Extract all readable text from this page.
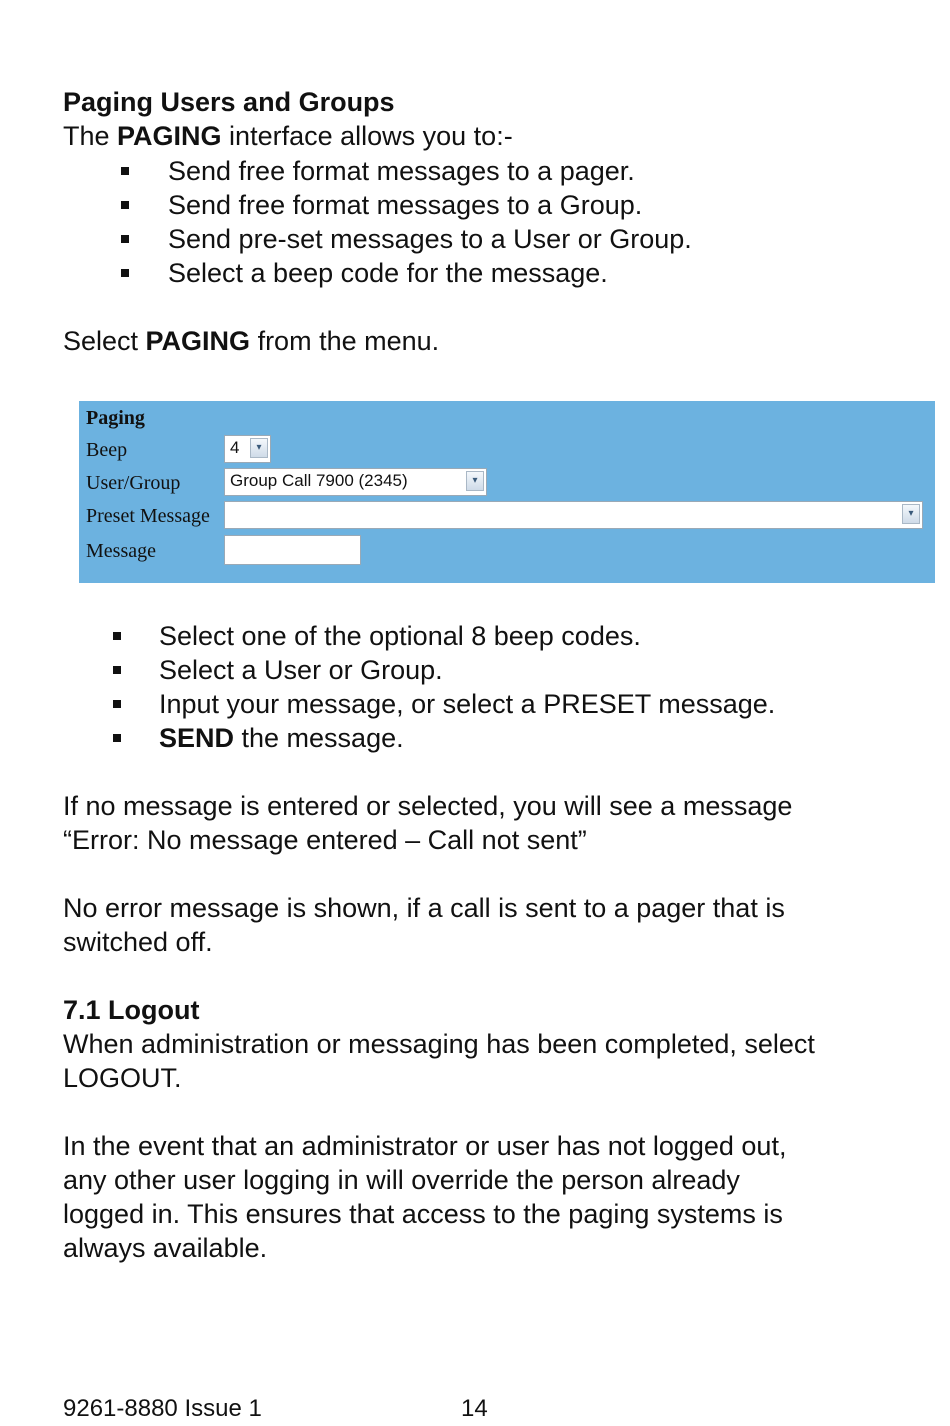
Paging Users and Groups

The PAGING interface allows you to:-

Send free format messages to a pager.
Send free format messages to a Group.
Send pre-set messages to a User or Group.
Select a beep code for the message.

Select PAGING from the menu.

Paging
Beep	4	▾
User/Group	Group Call 7900 (2345)	▾
Preset Message	▾
Message
Select one of the optional 8 beep codes.
Select a User or Group.
Input your message, or select a PRESET message.
SEND the message.

If no message is entered or selected, you will see a message

“Error: No message entered – Call not sent”

No error message is shown, if a call is sent to a pager that is

switched off.

7.1 Logout

When administration or messaging has been completed, select

LOGOUT.

In the event that an administrator or user has not logged out,

any other user logging in will override the person already

logged in. This ensures that access to the paging systems is

always available.

9261-8880 Issue 1	14
